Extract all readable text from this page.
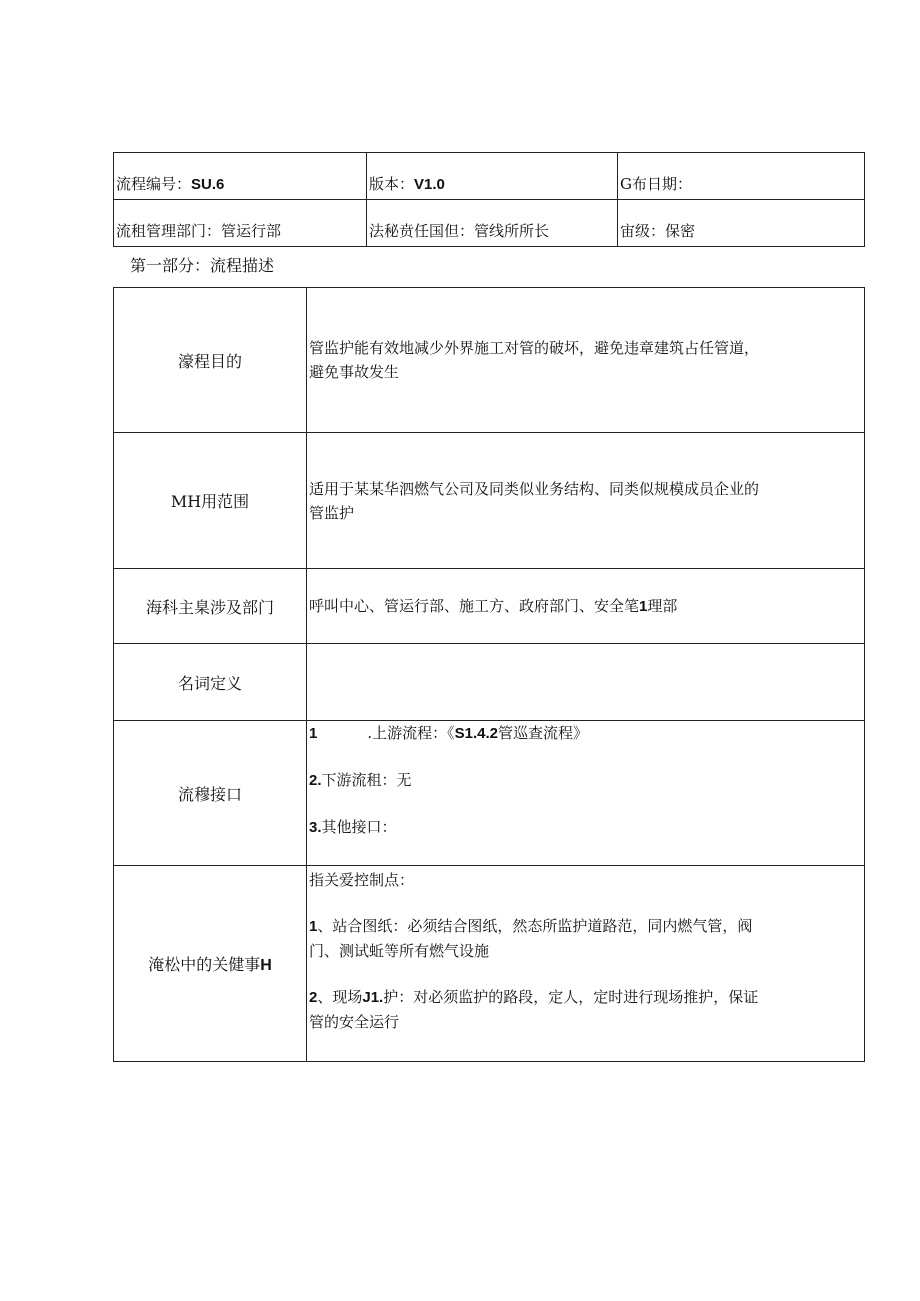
流程编号：SU.6	版本：V1.0	G布日期：
流租管理部门：管运行部	法秘贲任国但：管线所所长	宙级：保密
第一部分：流程描述
濠程目的	管监护能有效地减少外界施工对管的破坏，避免违章建筑占任管道，
避免事故发生

MH用范围	适用于某某华泗燃气公司及同类似业务结构、同类似规模成员企业的
管监护

海科主臬涉及部门	呼叫中心、管运行部、施工方、政府部门、安全笔1理部
名词定义	
流穆接口	1 .上游流程：《S1.4.2管巡查流程》
2.下游流租：无
3.其他接口：

淹松中的关健事H	指关爱控制点：
1、站合图纸：必须结合图纸，然态所监护道路范，同内燃气管，阀
门、测试蚯等所有燃气设施
2、现场J1.护：对必须监护的路段，定人，定时进行现场推护，保证
管的安全运行
